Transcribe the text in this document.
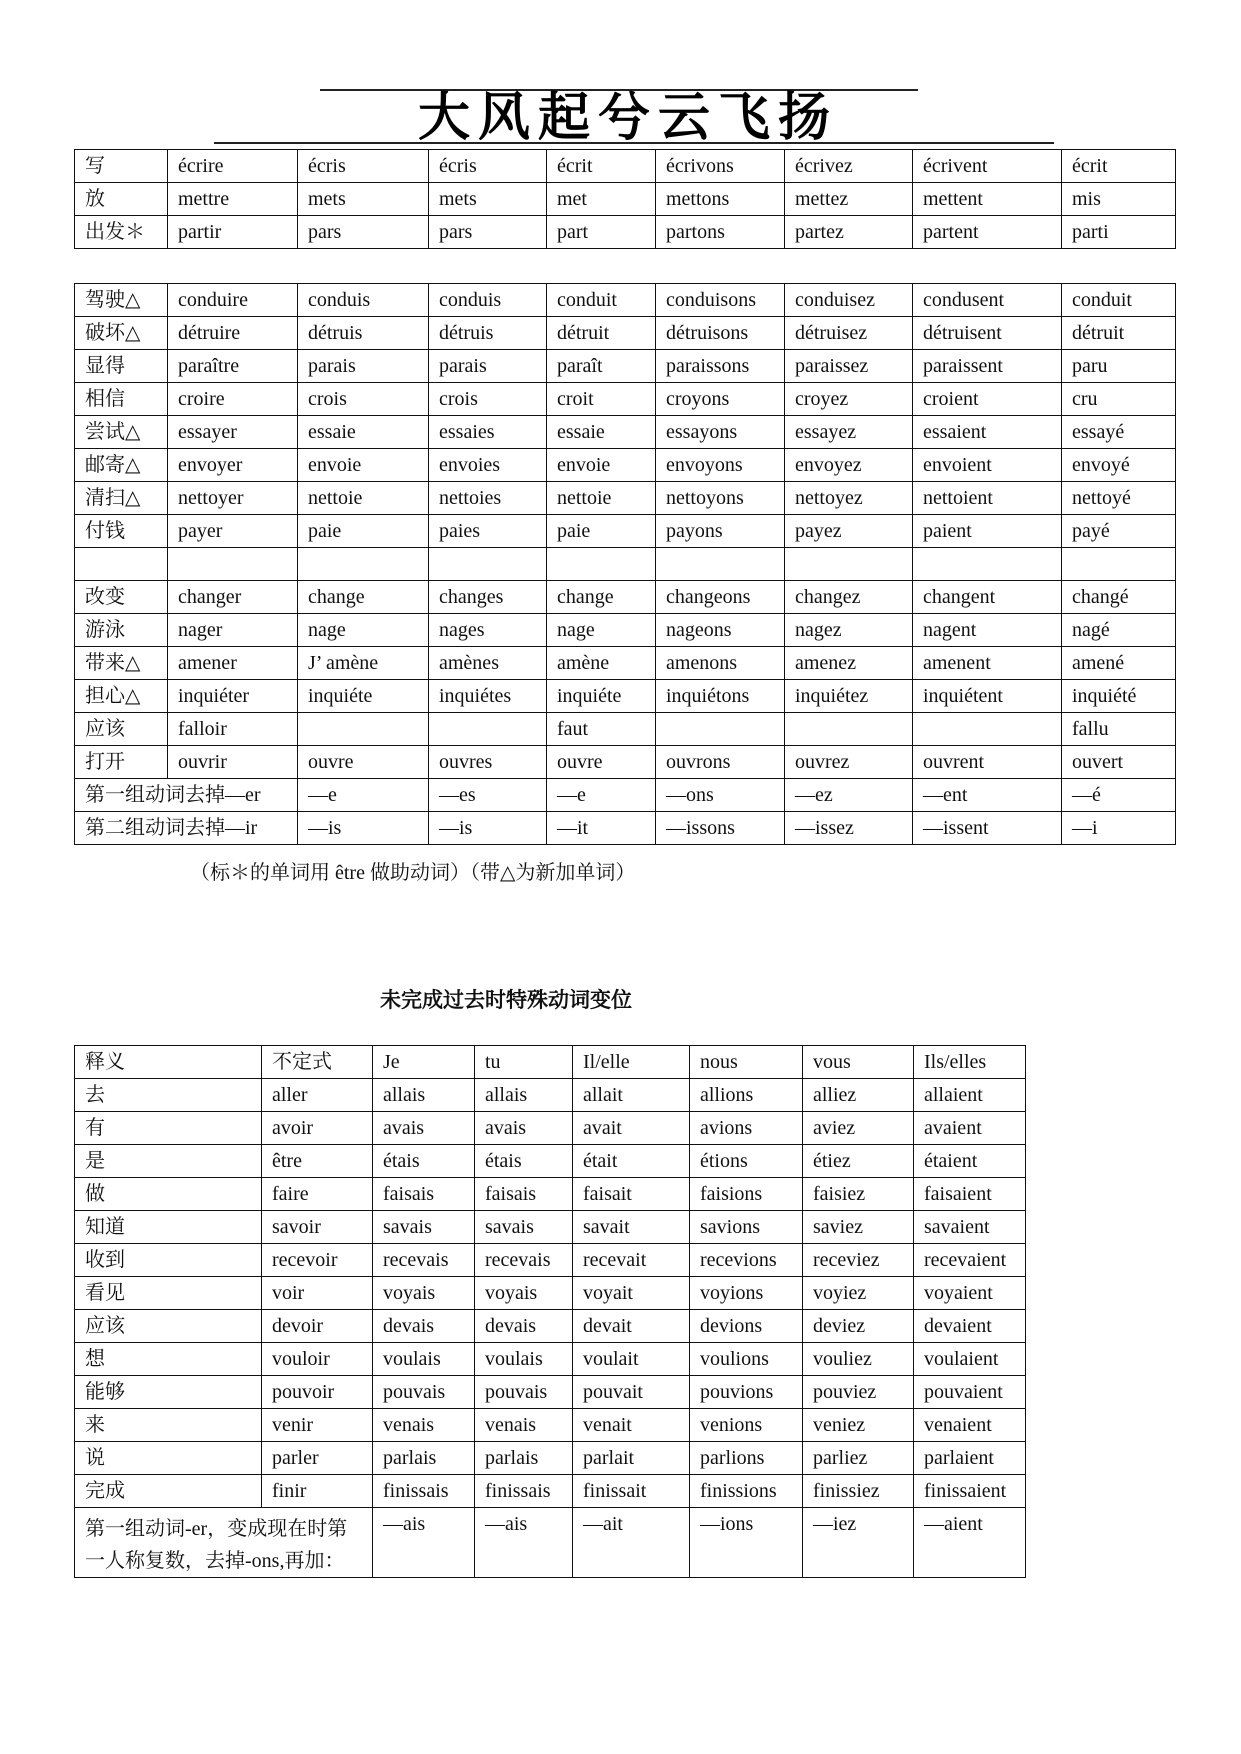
大风起兮云飞扬
写	écrire	écris	écris	écrit	écrivons	écrivez	écrivent	écrit
放	mettre	mets	mets	met	mettons	mettez	mettent	mis
出发＊	partir	pars	pars	part	partons	partez	partent	parti
驾驶△	conduire	conduis	conduis	conduit	conduisons	conduisez	condusent	conduit
破坏△	détruire	détruis	détruis	détruit	détruisons	détruisez	détruisent	détruit
显得	paraître	parais	parais	paraît	paraissons	paraissez	paraissent	paru
相信	croire	crois	crois	croit	croyons	croyez	croient	cru
尝试△	essayer	essaie	essaies	essaie	essayons	essayez	essaient	essayé
邮寄△	envoyer	envoie	envoies	envoie	envoyons	envoyez	envoient	envoyé
清扫△	nettoyer	nettoie	nettoies	nettoie	nettoyons	nettoyez	nettoient	nettoyé
付钱	payer	paie	paies	paie	payons	payez	paient	payé

改变	changer	change	changes	change	changeons	changez	changent	changé
游泳	nager	nage	nages	nage	nageons	nagez	nagent	nagé
带来△	amener	J’ amène	amènes	amène	amenons	amenez	amenent	amené
担心△	inquiéter	inquiéte	inquiétes	inquiéte	inquiétons	inquiétez	inquiétent	inquiété
应该	falloir			faut				fallu
打开	ouvrir	ouvre	ouvres	ouvre	ouvrons	ouvrez	ouvrent	ouvert
第一组动词去掉—er		—e	—es	—e	—ons	—ez	—ent	—é
第二组动词去掉—ir		—is	—is	—it	—issons	—issez	—issent	—i
（标＊的单词用 être 做助动词）（带△为新加单词）
未完成过去时特殊动词变位
释义	不定式	Je	tu	Il/elle	nous	vous	Ils/elles
去	aller	allais	allais	allait	allions	alliez	allaient
有	avoir	avais	avais	avait	avions	aviez	avaient
是	être	étais	étais	était	étions	étiez	étaient
做	faire	faisais	faisais	faisait	faisions	faisiez	faisaient
知道	savoir	savais	savais	savait	savions	saviez	savaient
收到	recevoir	recevais	recevais	recevait	recevions	receviez	recevaient
看见	voir	voyais	voyais	voyait	voyions	voyiez	voyaient
应该	devoir	devais	devais	devait	devions	deviez	devaient
想	vouloir	voulais	voulais	voulait	voulions	vouliez	voulaient
能够	pouvoir	pouvais	pouvais	pouvait	pouvions	pouviez	pouvaient
来	venir	venais	venais	venait	venions	veniez	venaient
说	parler	parlais	parlais	parlait	parlions	parliez	parlaient
完成	finir	finissais	finissais	finissait	finissions	finissiez	finissaient
第一组动词-er，变成现在时第一人称复数，去掉-ons,再加：		—ais	—ais	—ait	—ions	—iez	—aient
